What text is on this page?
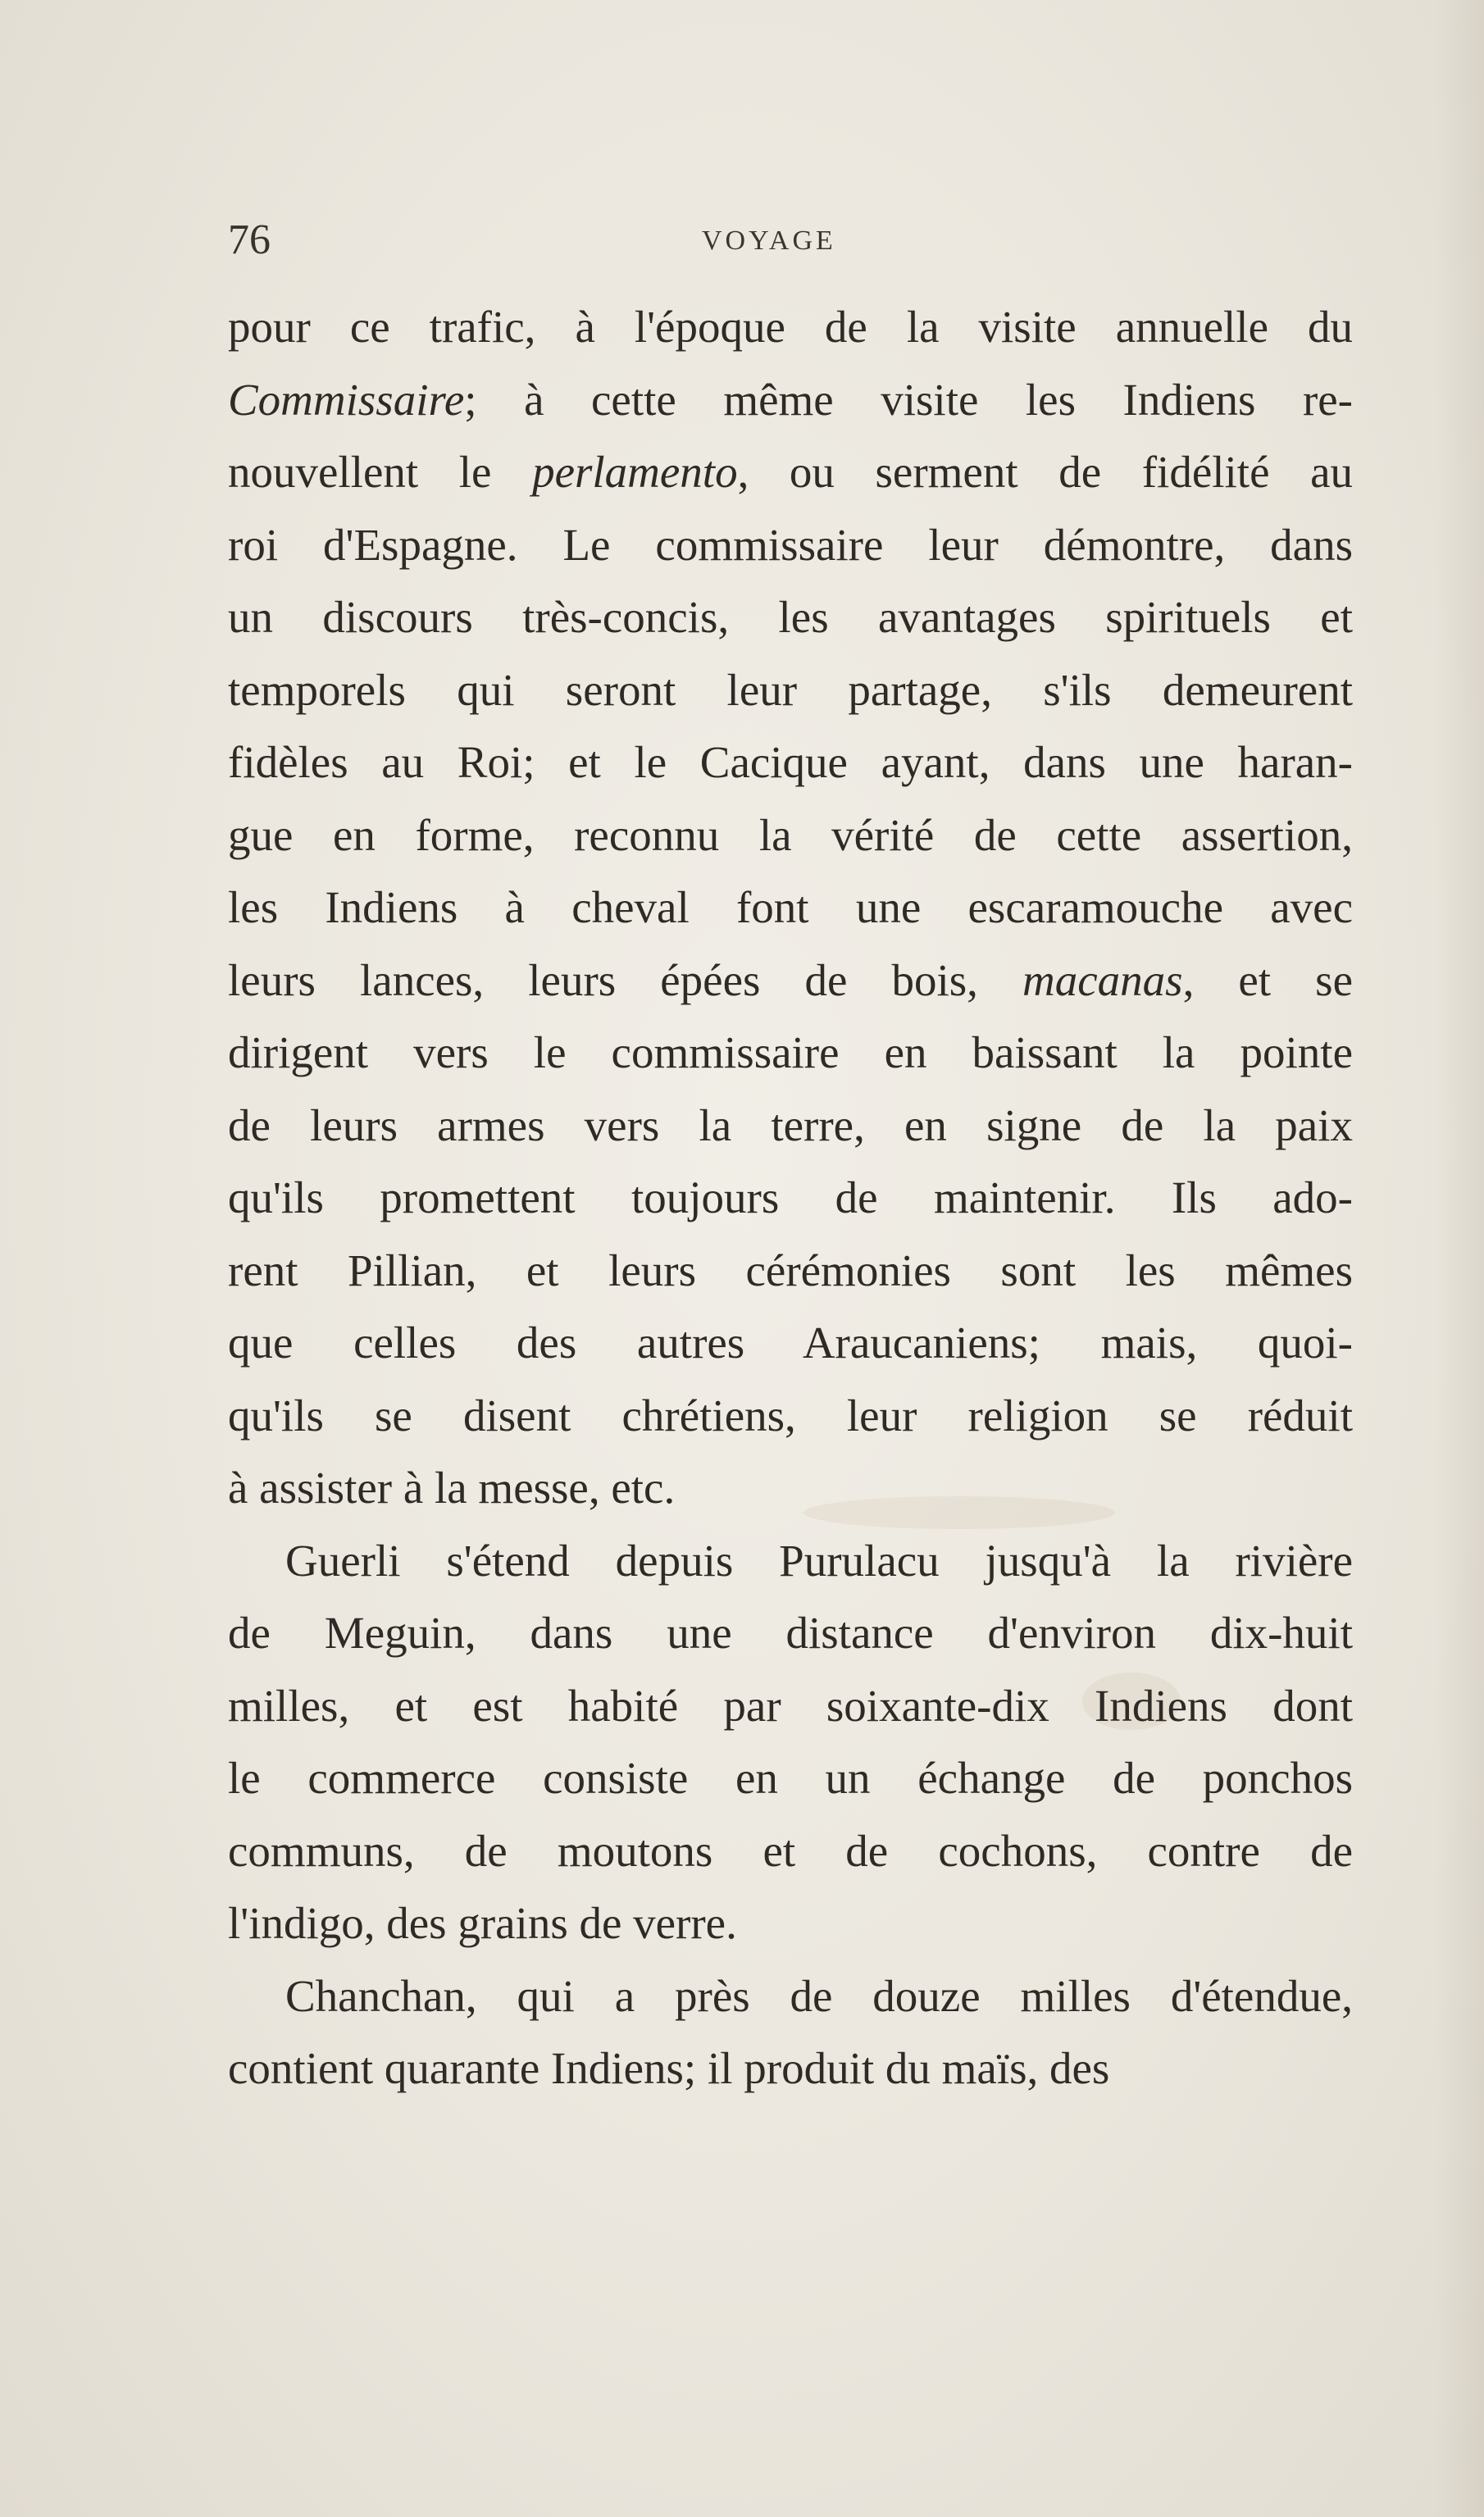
76	VOYAGE

pour ce trafic, à l'époque de la visite annuelle du
Commissaire; à cette même visite les Indiens re-
nouvellent le perlamento, ou serment de fidélité au
roi d'Espagne. Le commissaire leur démontre, dans
un discours très-concis, les avantages spirituels et
temporels qui seront leur partage, s'ils demeurent
fidèles au Roi; et le Cacique ayant, dans une haran-
gue en forme, reconnu la vérité de cette assertion,
les Indiens à cheval font une escaramouche avec
leurs lances, leurs épées de bois, macanas, et se
dirigent vers le commissaire en baissant la pointe
de leurs armes vers la terre, en signe de la paix
qu'ils promettent toujours de maintenir. Ils ado-
rent Pillian, et leurs cérémonies sont les mêmes
que celles des autres Araucaniens; mais, quoi-
qu'ils se disent chrétiens, leur religion se réduit
à assister à la messe, etc.

Guerli s'étend depuis Purulacu jusqu'à la rivière
de Meguin, dans une distance d'environ dix-huit
milles, et est habité par soixante-dix Indiens dont
le commerce consiste en un échange de ponchos
communs, de moutons et de cochons, contre de
l'indigo, des grains de verre.

Chanchan, qui a près de douze milles d'étendue,
contient quarante Indiens; il produit du maïs, des
